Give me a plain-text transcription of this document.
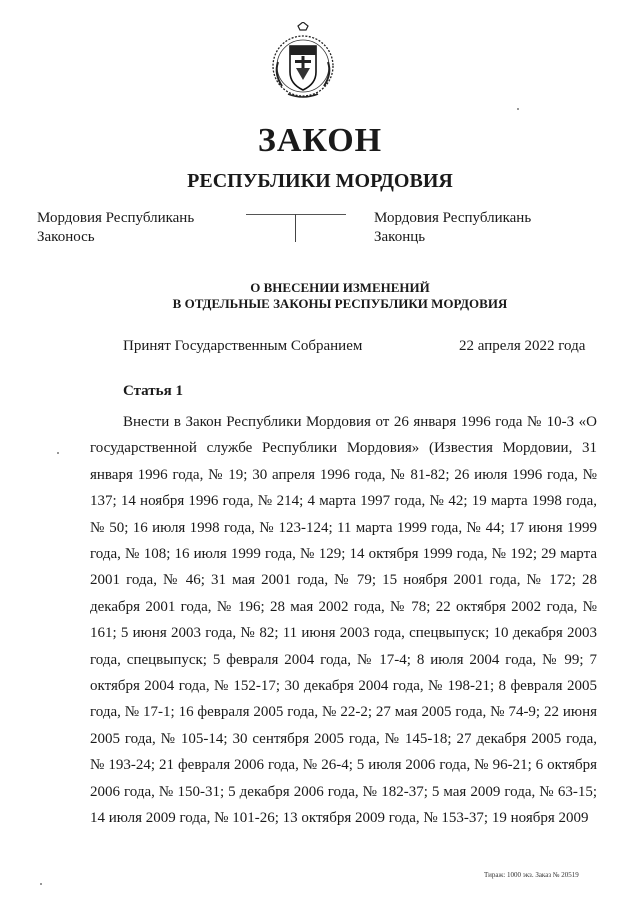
ЗАКОН
РЕСПУБЛИКИ МОРДОВИЯ
Мордовия Республикань
Законось
Мордовия Республикань
Законць
О ВНЕСЕНИИ ИЗМЕНЕНИЙ
В ОТДЕЛЬНЫЕ ЗАКОНЫ РЕСПУБЛИКИ МОРДОВИЯ
Принят Государственным Собранием	22 апреля 2022 года
Статья 1

Внести в Закон Республики Мордовия от 26 января 1996 года № 10-З «О государственной службе Республики Мордовия» (Известия Мордовии, 31 января 1996 года, № 19; 30 апреля 1996 года, № 81-82; 26 июля 1996 года, № 137; 14 ноября 1996 года, № 214; 4 марта 1997 года, № 42; 19 марта 1998 года, № 50; 16 июля 1998 года, № 123-124; 11 марта 1999 года, № 44; 17 июня 1999 года, № 108; 16 июля 1999 года, № 129; 14 октября 1999 года, № 192; 29 марта 2001 года, № 46; 31 мая 2001 года, № 79; 15 ноября 2001 года, № 172; 28 декабря 2001 года, № 196; 28 мая 2002 года, № 78; 22 октября 2002 года, № 161; 5 июня 2003 года, № 82; 11 июня 2003 года, спецвыпуск; 10 декабря 2003 года, спецвыпуск; 5 февраля 2004 года, № 17-4; 8 июля 2004 года, № 99; 7 октября 2004 года, № 152-17; 30 декабря 2004 года, № 198-21; 8 февраля 2005 года, № 17-1; 16 февраля 2005 года, № 22-2; 27 мая 2005 года, № 74-9; 22 июня 2005 года, № 105-14; 30 сентября 2005 года, № 145-18; 27 декабря 2005 года, № 193-24; 21 февраля 2006 года, № 26-4; 5 июля 2006 года, № 96-21; 6 октября 2006 года, № 150-31; 5 декабря 2006 года, № 182-37; 5 мая 2009 года, № 63-15; 14 июля 2009 года, № 101-26; 13 октября 2009 года, № 153-37; 19 ноября 2009

Тираж: 1000 экз. Заказ № 20519
